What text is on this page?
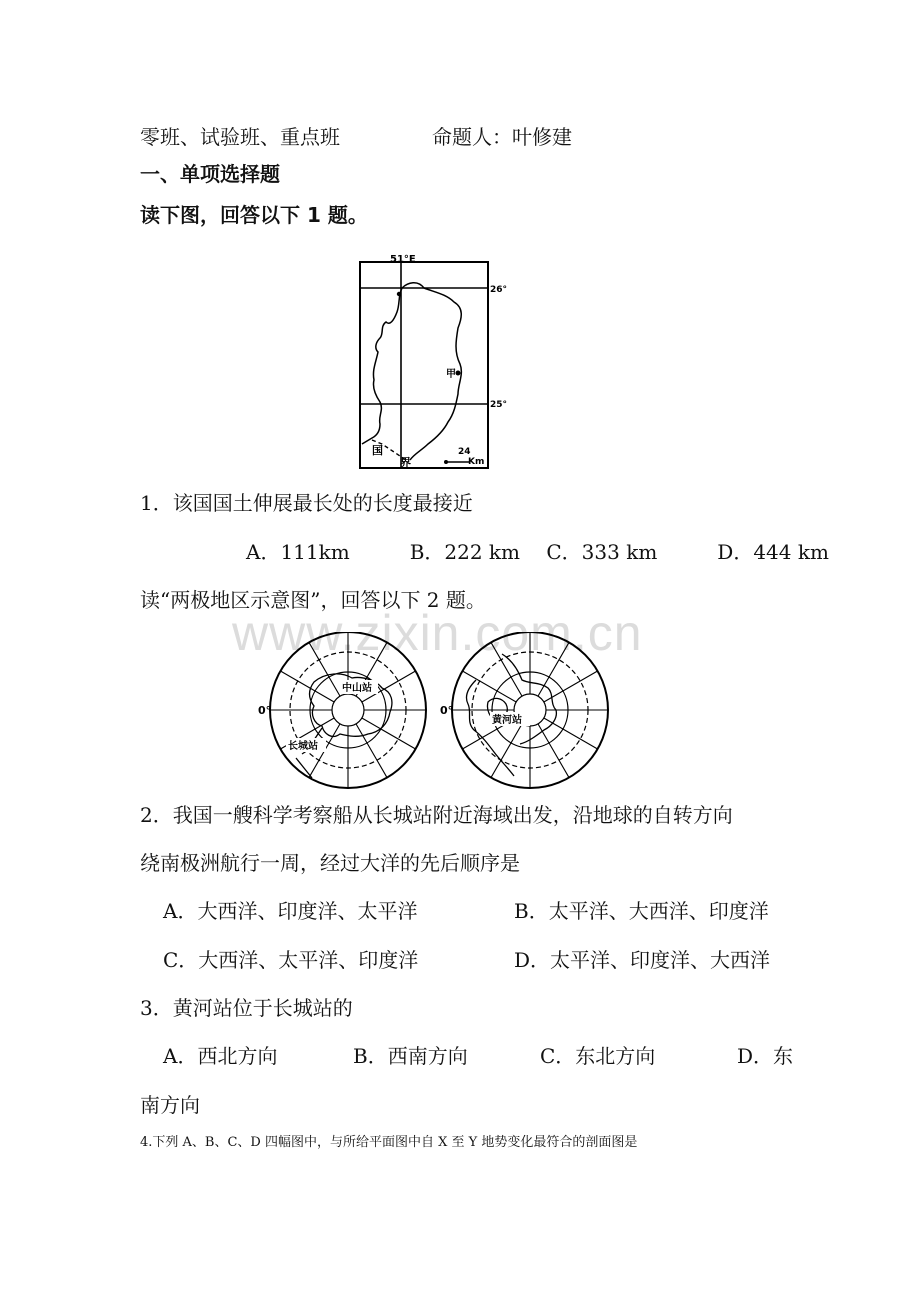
www.zixin.com.cn
零班、试验班、重点班	命题人：叶修建
一、单项选择题
读下图，回答以下 1 题。
51°E
26°
25°
甲
国
界
24
Km
1．该国国土伸展最长处的长度最接近
A．111km　　　B．222 km　 C．333 km　　　D．444 km
读“两极地区示意图”，回答以下 2 题。
中山站
长城站
黄河站
0°	0°
2．我国一艘科学考察船从长城站附近海域出发，沿地球的自转方向
绕南极洲航行一周，经过大洋的先后顺序是
A．大西洋、印度洋、太平洋	B．太平洋、大西洋、印度洋
C．大西洋、太平洋、印度洋	D．太平洋、印度洋、大西洋
3．黄河站位于长城站的
A．西北方向	B．西南方向	C．东北方向	D．东
南方向
4.下列 A、B、C、D 四幅图中，与所给平面图中自 X 至 Y 地势变化最符合的剖面图是
